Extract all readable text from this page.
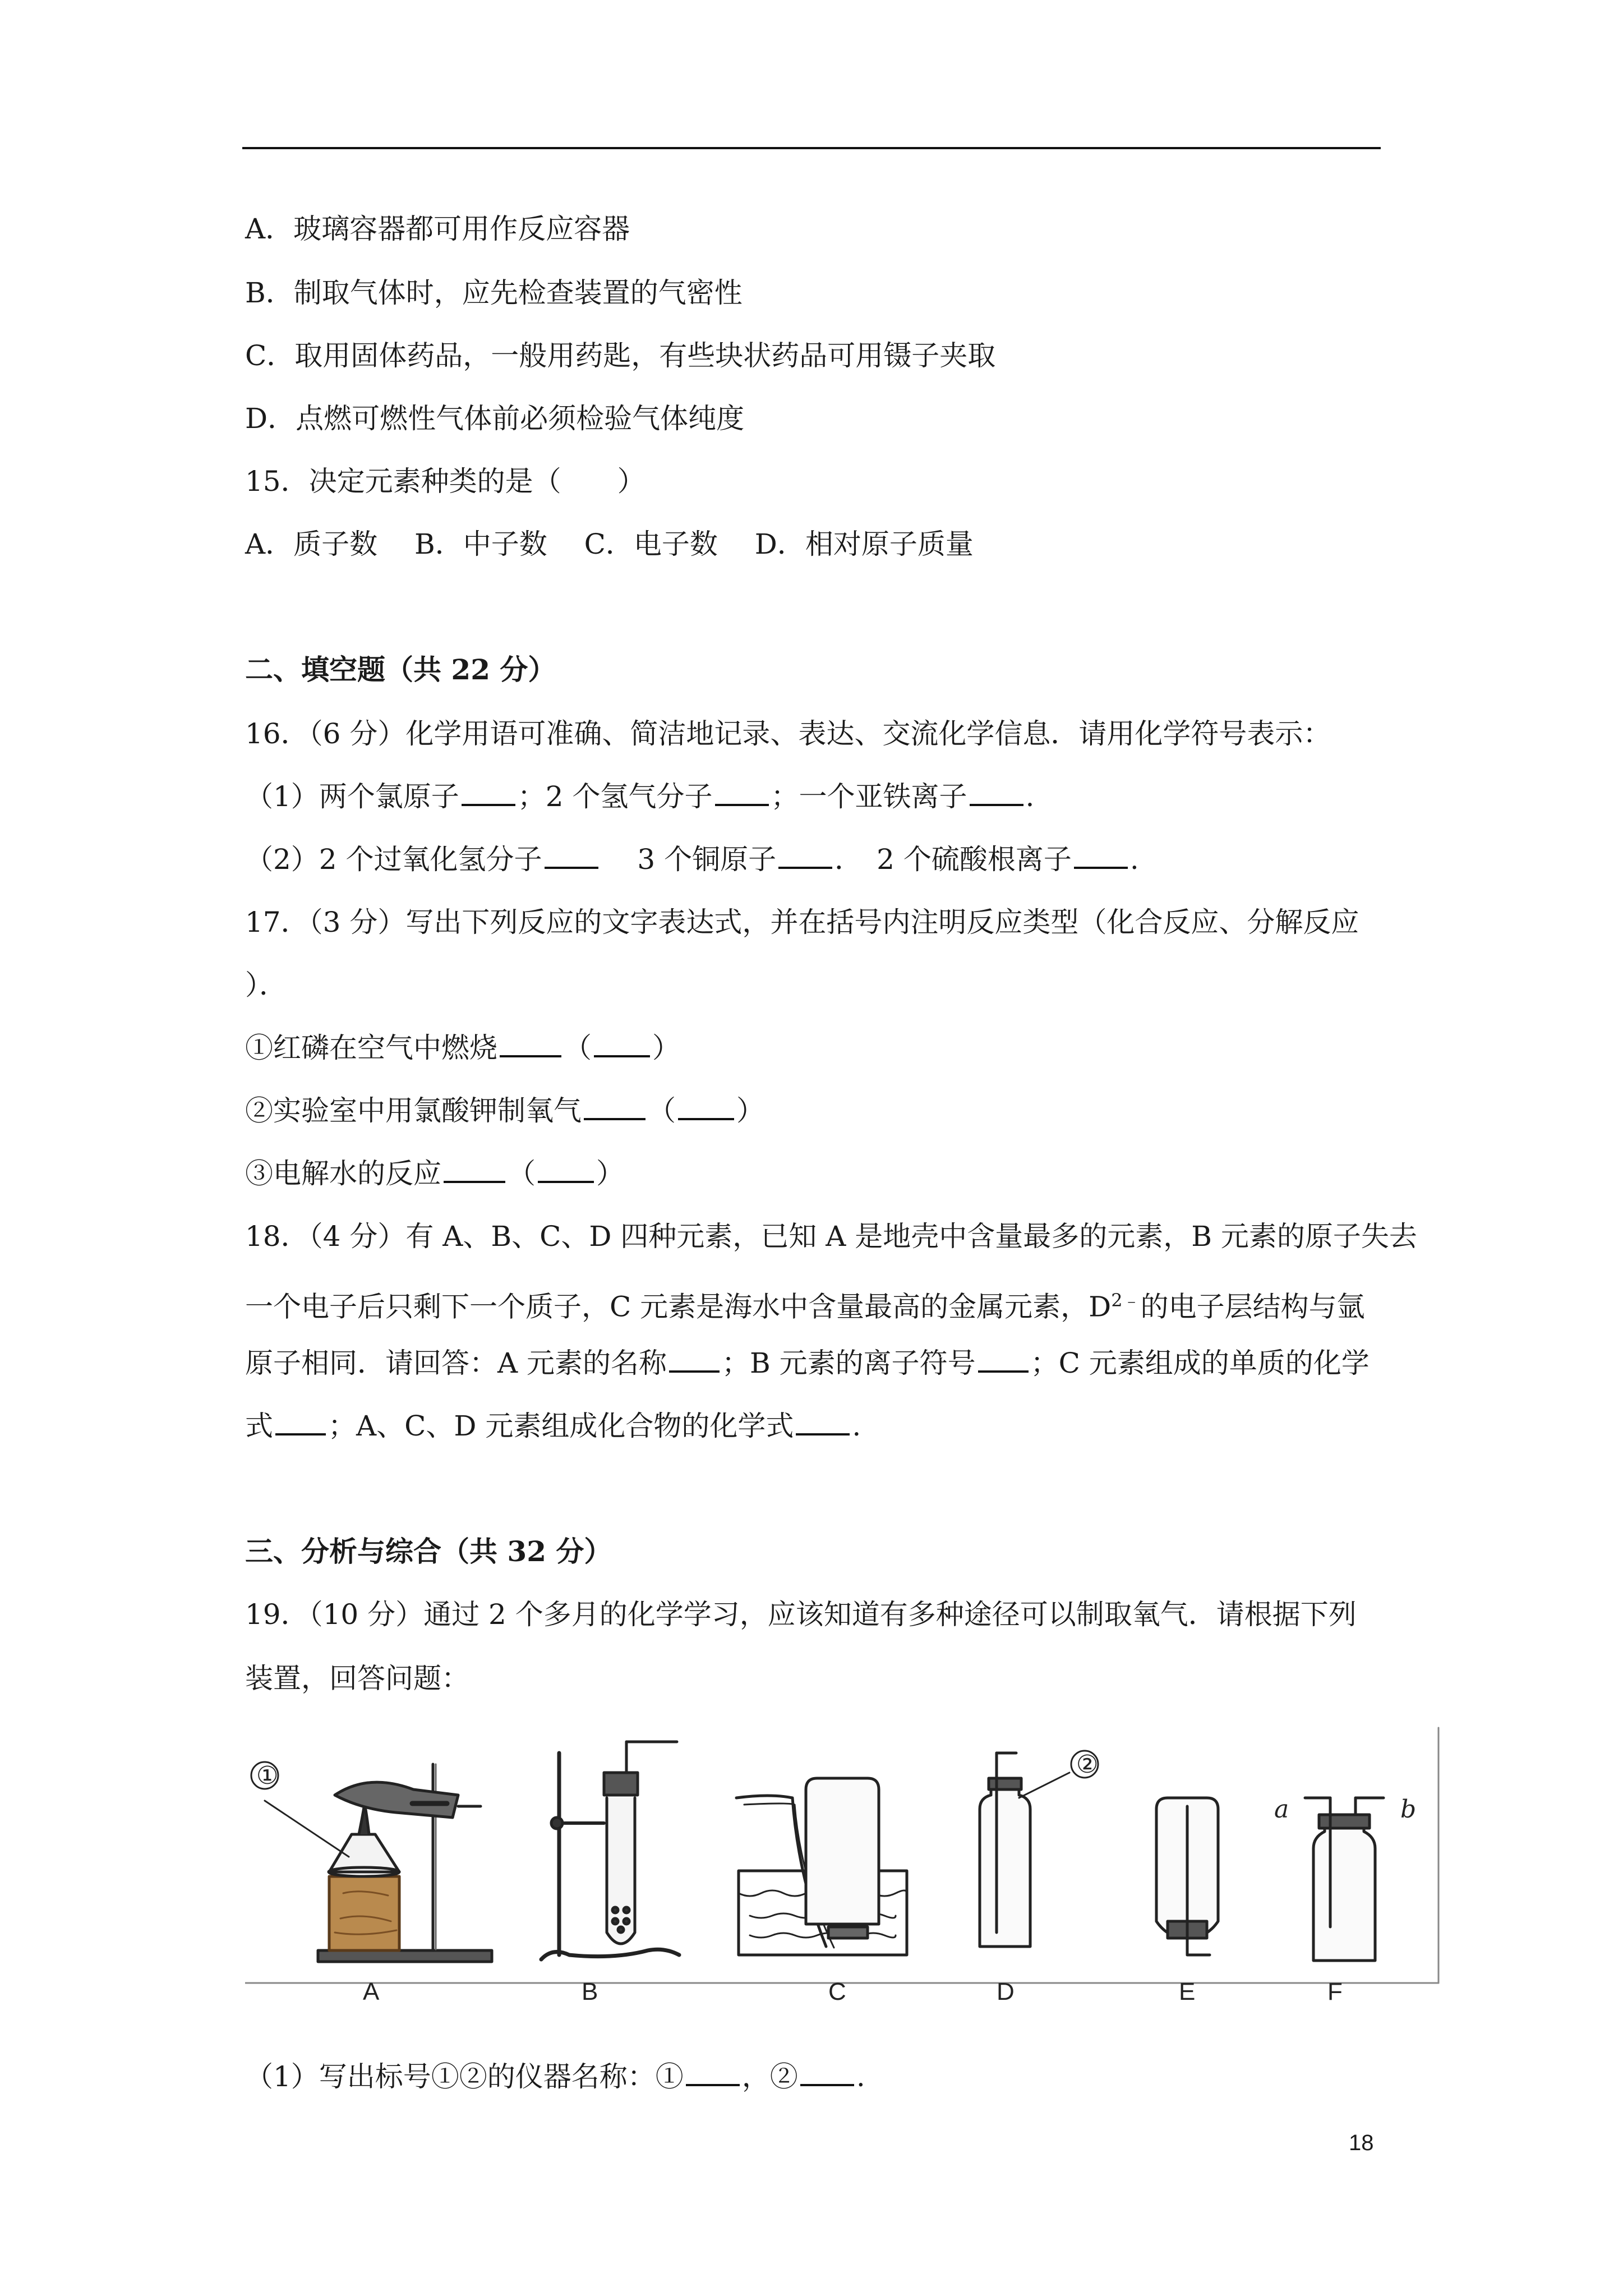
A．玻璃容器都可用作反应容器

B．制取气体时，应先检查装置的气密性

C．取用固体药品，一般用药匙，有些块状药品可用镊子夹取

D．点燃可燃性气体前必须检验气体纯度

15．决定元素种类的是（　　）

A．质子数　 B．中子数　 C．电子数　 D．相对原子质量

二、填空题（共 22 分）

16．（6 分）化学用语可准确、简洁地记录、表达、交流化学信息．请用化学符号表示：

（1）两个氯原子 ；2 个氢气分子 ；一个亚铁离子 .

（2）2 个过氧化氢分子　 3 个铜原子 ．　2 个硫酸根离子 .

17．（3 分）写出下列反应的文字表达式，并在括号内注明反应类型（化合反应、分解反应

）．

①红磷在空气中燃烧 （ ）

②实验室中用氯酸钾制氧气 （ ）

③电解水的反应 （ ）

18．（4 分）有 A、B、C、D 四种元素，已知 A 是地壳中含量最多的元素，B 元素的原子失去

一个电子后只剩下一个质子，C 元素是海水中含量最高的金属元素，$D^{2﹣}$的电子层结构与氩

原子相同．请回答：A 元素的名称 ；B 元素的离子符号 ；C 元素组成的单质的化学

式 ；A、C、D 元素组成化合物的化学式 .

三、分析与综合（共 32 分）

19．（10 分）通过 2 个多月的化学学习，应该知道有多种途径可以制取氧气．请根据下列

装置，回答问题：

①
A	B	C
②
D	E
a	b
F

（1）写出标号①②的仪器名称：① ，② .

18
